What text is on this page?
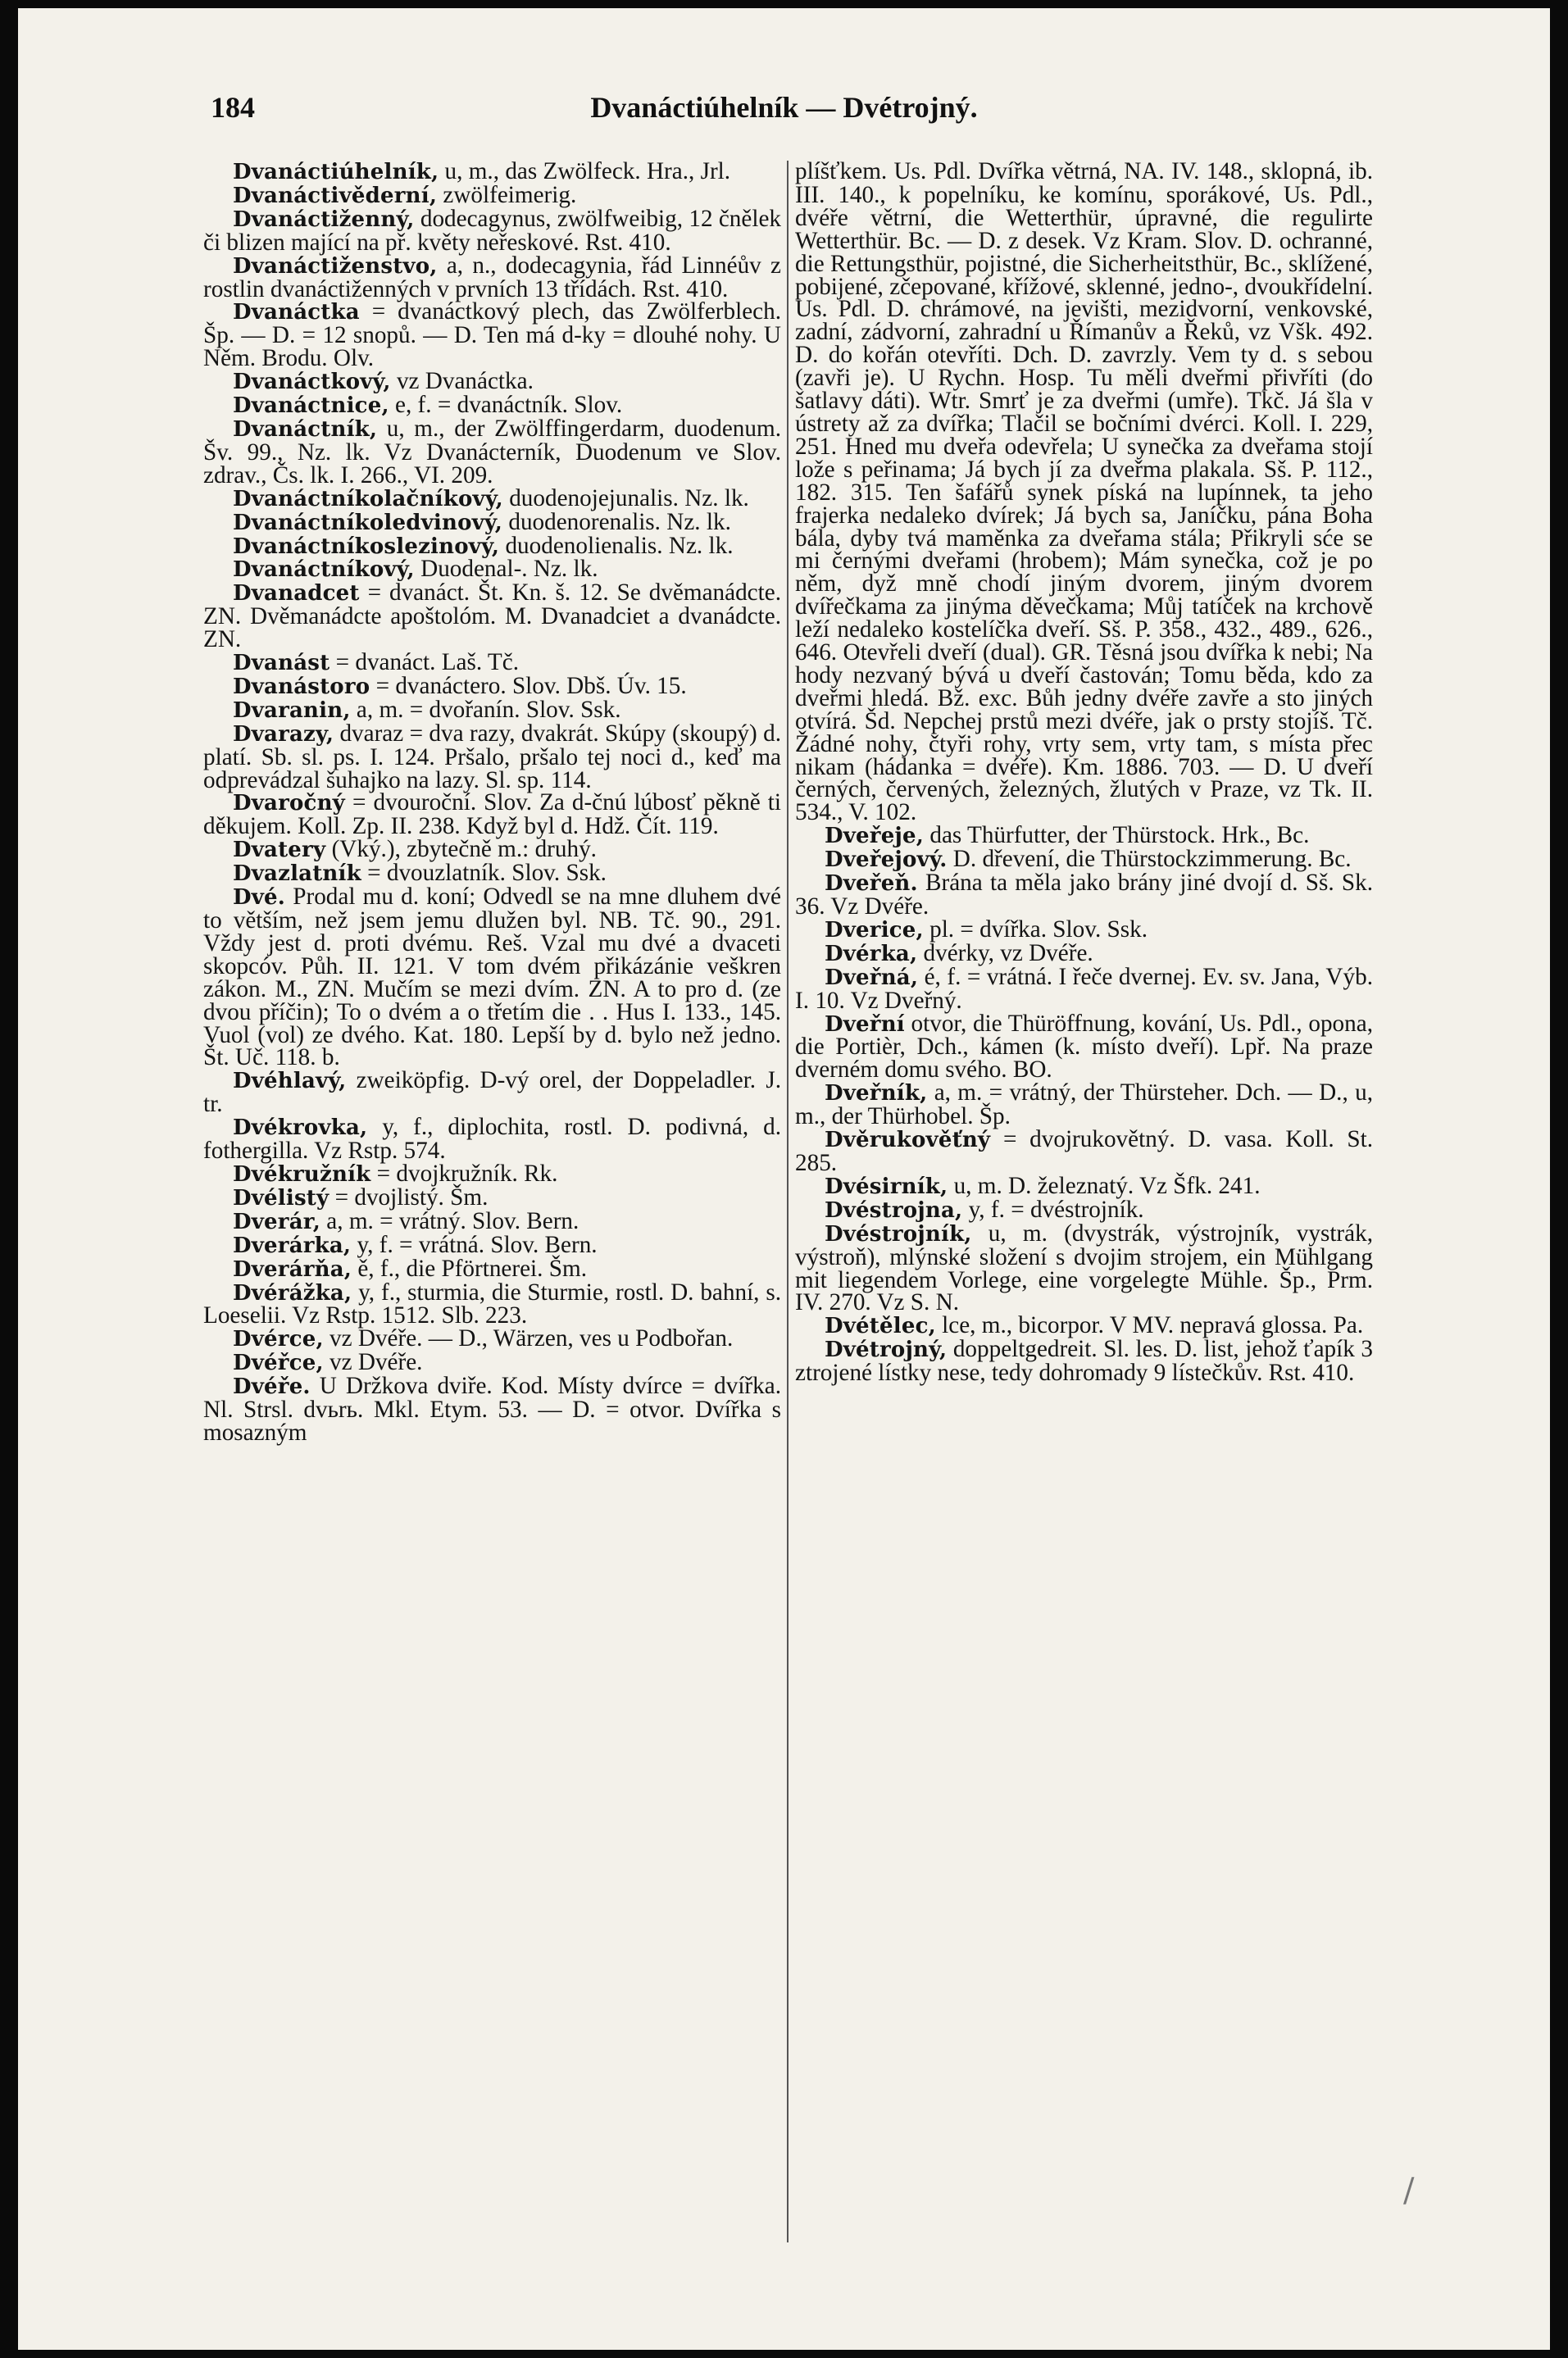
184	Dvanáctiúhelník — Dvétrojný.

Dvanáctiúhelník, u, m., das Zwölfeck. Hra., Jrl.

Dvanáctivěderní, zwölfeimerig.

Dvanáctiženný, dodecagynus, zwölfweibig, 12 čnělek či blizen mající na př. květy neřeskové. Rst. 410.

Dvanáctiženstvo, a, n., dodecagynia, řád Linnéův z rostlin dvanáctiženných v prvních 13 třídách. Rst. 410.

Dvanáctka = dvanáctkový plech, das Zwölferblech. Šp. — D. = 12 snopů. — D. Ten má d-ky = dlouhé nohy. U Něm. Brodu. Olv.

Dvanáctkový, vz Dvanáctka.

Dvanáctnice, e, f. = dvanáctník. Slov.

Dvanáctník, u, m., der Zwölffingerdarm, duodenum. Šv. 99., Nz. lk. Vz Dvanácterník, Duodenum ve Slov. zdrav., Čs. lk. I. 266., VI. 209.

Dvanáctníkolačníkový, duodenojejunalis. Nz. lk.

Dvanáctníkoledvinový, duodenorenalis. Nz. lk.

Dvanáctníkoslezinový, duodenolienalis. Nz. lk.

Dvanáctníkový, Duodenal-. Nz. lk.

Dvanadcet = dvanáct. Št. Kn. š. 12. Se dvěmanádcte. ZN. Dvěmanádcte apoštolóm. M. Dvanadciet a dvanádcte. ZN.

Dvanást = dvanáct. Laš. Tč.

Dvanástoro = dvanáctero. Slov. Dbš. Úv. 15.

Dvaranin, a, m. = dvořanín. Slov. Ssk.

Dvarazy, dvaraz = dva razy, dvakrát. Skúpy (skoupý) d. platí. Sb. sl. ps. I. 124. Pršalo, pršalo tej noci d., keď ma odprevádzal šuhajko na lazy. Sl. sp. 114.

Dvaročný = dvouroční. Slov. Za d-čnú lúbosť pěkně ti děkujem. Koll. Zp. II. 238. Když byl d. Hdž. Čít. 119.

Dvatery (Vký.), zbytečně m.: druhý.

Dvazlatník = dvouzlatník. Slov. Ssk.

Dvé. Prodal mu d. koní; Odvedl se na mne dluhem dvé to větším, než jsem jemu dlužen byl. NB. Tč. 90., 291. Vždy jest d. proti dvému. Reš. Vzal mu dvé a dvaceti skopcóv. Půh. II. 121. V tom dvém přikázánie veškren zákon. M., ZN. Mučím se mezi dvím. ZN. A to pro d. (ze dvou příčin); To o dvém a o třetím die . . Hus I. 133., 145. Vuol (vol) ze dvého. Kat. 180. Lepší by d. bylo než jedno. Št. Uč. 118. b.

Dvéhlavý, zweiköpfig. D-vý orel, der Doppeladler. J. tr.

Dvékrovka, y, f., diplochita, rostl. D. podivná, d. fothergilla. Vz Rstp. 574.

Dvékružník = dvojkružník. Rk.

Dvélistý = dvojlistý. Šm.

Dverár, a, m. = vrátný. Slov. Bern.

Dverárka, y, f. = vrátná. Slov. Bern.

Dverárňa, ě, f., die Pförtnerei. Šm.

Dvérážka, y, f., sturmia, die Sturmie, rostl. D. bahní, s. Loeselii. Vz Rstp. 1512. Slb. 223.

Dvérce, vz Dvéře. — D., Wärzen, ves u Podbořan.

Dvéřce, vz Dvéře.

Dvéře. U Držkova dviře. Kod. Místy dvírce = dvířka. Nl. Strsl. dvьrь. Mkl. Etym. 53. — D. = otvor. Dvířka s mosazným

plíšťkem. Us. Pdl. Dvířka větrná, NA. IV. 148., sklopná, ib. III. 140., k popelníku, ke komínu, sporákové, Us. Pdl., dvéře větrní, die Wetterthür, úpravné, die regulirte Wetterthür. Bc. — D. z desek. Vz Kram. Slov. D. ochranné, die Rettungsthür, pojistné, die Sicherheitsthür, Bc., sklížené, pobijené, zčepované, křížové, sklenné, jedno-, dvoukřídelní. Us. Pdl. D. chrámové, na jevišti, mezidvorní, venkovské, zadní, zádvorní, zahradní u Římanův a Řeků, vz Všk. 492. D. do kořán otevříti. Dch. D. zavrzly. Vem ty d. s sebou (zavři je). U Rychn. Hosp. Tu měli dveřmi přivříti (do šatlavy dáti). Wtr. Smrť je za dveřmi (umře). Tkč. Já šla v ústrety až za dvířka; Tlačil se bočními dvérci. Koll. I. 229, 251. Hned mu dveřa odevřela; U synečka za dveřama stojí lože s peřinama; Já bych jí za dveřma plakala. Sš. P. 112., 182. 315. Ten šafářů synek píská na lupínnek, ta jeho frajerka nedaleko dvírek; Já bych sa, Janíčku, pána Boha bála, dyby tvá maměnka za dveřama stála; Přikryli sće se mi černými dveřami (hrobem); Mám synečka, což je po něm, dyž mně chodí jiným dvorem, jiným dvorem dvířečkama za jinýma děvečkama; Můj tatíček na krchově leží nedaleko kostelíčka dveří. Sš. P. 358., 432., 489., 626., 646. Otevřeli dveří (dual). GR. Těsná jsou dvířka k nebi; Na hody nezvaný bývá u dveří častován; Tomu běda, kdo za dveřmi hledá. Bž. exc. Bůh jedny dvéře zavře a sto jiných otvírá. Šd. Nepchej prstů mezi dvéře, jak o prsty stojíš. Tč. Žádné nohy, čtyři rohy, vrty sem, vrty tam, s místa přec nikam (hádanka = dvéře). Km. 1886. 703. — D. U dveří černých, červených, železných, žlutých v Praze, vz Tk. II. 534., V. 102.

Dveřeje, das Thürfutter, der Thürstock. Hrk., Bc.

Dveřejový. D. dřevení, die Thürstockzimmerung. Bc.

Dveřeň. Brána ta měla jako brány jiné dvojí d. Sš. Sk. 36. Vz Dvéře.

Dverice, pl. = dvířka. Slov. Ssk.

Dvérka, dvérky, vz Dvéře.

Dveřná, é, f. = vrátná. I řeče dvernej. Ev. sv. Jana, Výb. I. 10. Vz Dveřný.

Dveřní otvor, die Thüröffnung, kování, Us. Pdl., opona, die Portièr, Dch., kámen (k. místo dveří). Lpř. Na praze dverném domu svého. BO.

Dveřník, a, m. = vrátný, der Thürsteher. Dch. — D., u, m., der Thürhobel. Šp.

Dvěrukověťný = dvojrukovětný. D. vasa. Koll. St. 285.

Dvésirník, u, m. D. železnatý. Vz Šfk. 241.

Dvéstrojna, y, f. = dvéstrojník.

Dvéstrojník, u, m. (dvystrák, výstrojník, vystrák, výstroň), mlýnské složení s dvojim strojem, ein Mühlgang mit liegendem Vorlege, eine vorgelegte Mühle. Šp., Prm. IV. 270. Vz S. N.

Dvétělec, lce, m., bicorpor. V MV. nepravá glossa. Pa.

Dvétrojný, doppeltgedreit. Sl. les. D. list, jehož ťapík 3 ztrojené lístky nese, tedy dohromady 9 lístečkův. Rst. 410.

/
